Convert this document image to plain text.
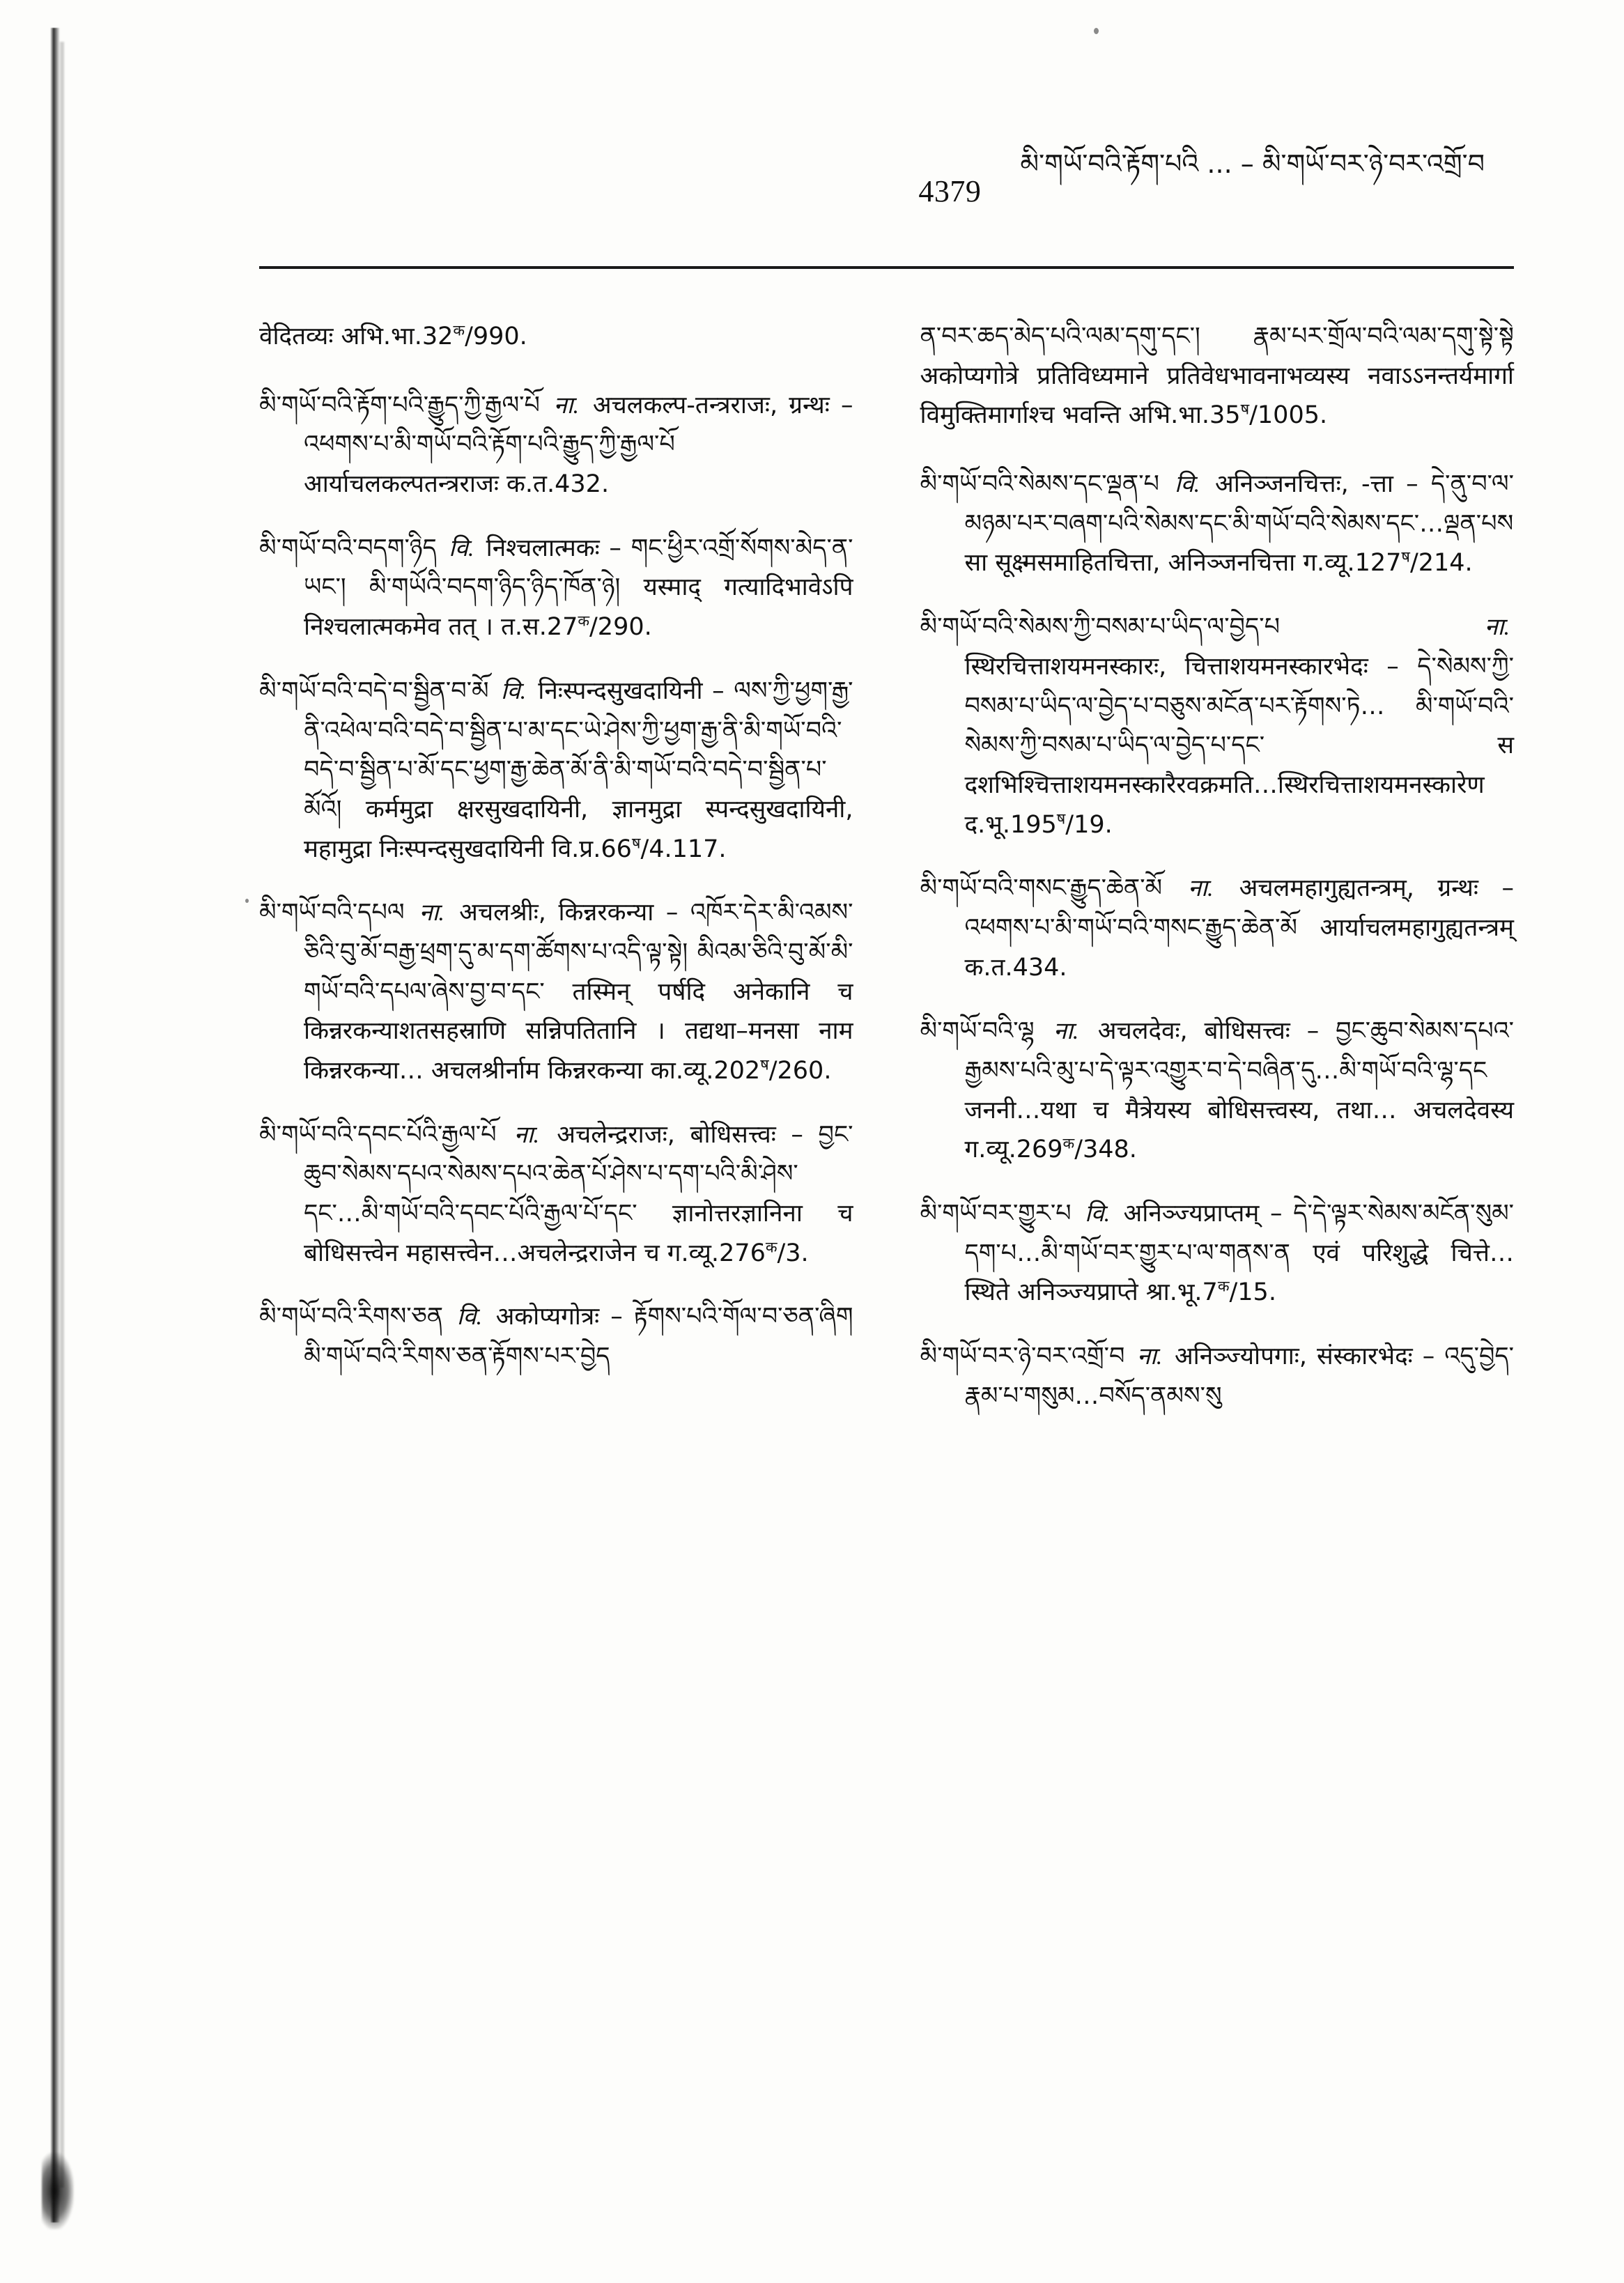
4379
མི་གཡོ་བའི་རྟོག་པའི ... – མི་གཡོ་བར་ཉེ་བར་འགྲོ་བ

वेदितव्यः $अभि.भा.32^क/990$.

མི་གཡོ་བའི་རྟོག་པའི་རྒྱུད་ཀྱི་རྒྱལ་པོ ना. अचलकल्प-तन्त्रराजः, ग्रन्थः – འཕགས་པ་མི་གཡོ་བའི་རྟོག་པའི་རྒྱུད་ཀྱི་རྒྱལ་པོ आर्याचलकल्पतन्त्रराजः क.त.432.

མི་གཡོ་བའི་བདག་ཉིད वि. निश्चलात्मकः – གང་ཕྱིར་འགྲོ་སོགས་མེད་ན་ཡང་། མི་གཡོའི་བདག་ཉིད་ཉིད་ཁོན་ཉེ། यस्माद् गत्यादिभावेऽपि निश्चलात्मकमेव तत् । $त.स.27^क/290$.

མི་གཡོ་བའི་བདེ་བ་སྦྱིན་བ་མོ वि. निःस्पन्दसुखदायिनी – ལས་ཀྱི་ཕྱག་རྒྱ་ནི་འཕེལ་བའི་བདེ་བ་སྦྱིན་པ་མ་དང་ཡེ་ཤེས་ཀྱི་ཕྱག་རྒྱ་ནི་མི་གཡོ་བའི་བདེ་བ་སྦྱིན་པ་མོ་དང་ཕྱག་རྒྱ་ཆེན་མོ་ནི་མི་གཡོ་བའི་བདེ་བ་སྦྱིན་པ་མོའོ། कर्ममुद्रा क्षरसुखदायिनी, ज्ञानमुद्रा स्पन्दसुखदायिनी, महामुद्रा निःस्पन्दसुखदायिनी $वि.प्र.66^ष/4.117$.

མི་གཡོ་བའི་དཔལ ना. अचलश्रीः, किन्नरकन्या – འཁོར་དེར་མི་འམས་ཅིའི་བུ་མོ་བརྒྱ་ཕྲག་དུ་མ་དག་ཚོགས་པ་འདི་ལྟ་སྟེ། མིའམ་ཅིའི་བུ་མོ་མི་གཡོ་བའི་དཔལ་ཞེས་བྱ་བ་དང་ तस्मिन् पर्षदि अनेकानि च किन्नरकन्याशतसहस्राणि सन्निपतितानि । तद्यथा–मनसा नाम किन्नरकन्या… अचलश्रीर्नाम किन्नरकन्या $का.व्यू.202^ष/260$.

མི་གཡོ་བའི་དབང་པོའི་རྒྱལ་པོ ना. अचलेन्द्रराजः, बोधिसत्त्वः – བྱང་ཆུབ་སེམས་དཔའ་སེམས་དཔའ་ཆེན་པོ་ཤེས་པ་དག་པའི་མི་ཤེས་དང་…མི་གཡོ་བའི་དབང་པོའི་རྒྱལ་པོ་དང་ ज्ञानोत्तरज्ञानिना च बोधिसत्त्वेन महासत्त्वेन…अचलेन्द्रराजेन च $ग.व्यू.276^क/3$.

མི་གཡོ་བའི་རིགས་ཅན वि. अकोप्यगोत्रः – རྟོགས་པའི་གོལ་བ་ཅན་ཞིག མི་གཡོ་བའི་རིགས་ཅན་རྟོགས་པར་བྱེད

ན་བར་ཆད་མེད་པའི་ལམ་དགུ་དང་། རྣམ་པར་གྲོལ་བའི་ལམ་དགུ་སྟེ་སྟེ अकोप्यगोत्रे प्रतिविध्यमाने प्रतिवेधभावनाभव्यस्य नवाऽऽनन्तर्यमार्गा विमुक्तिमार्गाश्च भवन्ति $अभि.भा.35^ष/1005$.

མི་གཡོ་བའི་སེམས་དང་ལྡན་པ वि. अनिञ्जनचित्तः, -त्ता – དེ་ནུ་བ་ལ་མཉམ་པར་བཞག་པའི་སེམས་དང་མི་གཡོ་བའི་སེམས་དང་…ལྡན་པས सा सूक्ष्मसमाहितचित्ता, अनिञ्जनचित्ता $ग.व्यू.127^ष/214$.

མི་གཡོ་བའི་སེམས་ཀྱི་བསམ་པ་ཡིད་ལ་བྱེད་པ	ना. स्थिरचित्ताशयमनस्कारः, चित्ताशयमनस्कारभेदः – དེ་སེམས་ཀྱི་བསམ་པ་ཡིད་ལ་བྱེད་པ་བཅུས་མངོན་པར་རྟོགས་ཏེ… མི་གཡོ་བའི་སེམས་ཀྱི་བསམ་པ་ཡིད་ལ་བྱེད་པ་དང་ स दशभिश्चित्ताशयमनस्कारैरवक्रमति…स्थिरचित्ताशयमनस्कारेण $द.भू.195^ष/19$.

མི་གཡོ་བའི་གསང་རྒྱུད་ཆེན་མོ ना. अचलमहागुह्यतन्त्रम्, ग्रन्थः – འཕགས་པ་མི་གཡོ་བའི་གསང་རྒྱུད་ཆེན་མོ आर्याचलमहागुह्यतन्त्रम् क.त.434.

མི་གཡོ་བའི་ལྷ ना. अचलदेवः, बोधिसत्त्वः – བྱང་ཆུབ་སེམས་དཔའ་རྒྱམས་པའི་མུ་པ་དེ་ལྟར་འགྱུར་བ་དེ་བཞིན་དུ…མི་གཡོ་བའི་ལྷ་དང जननी…यथा च मैत्रेयस्य बोधिसत्त्वस्य, तथा… अचलदेवस्य $ग.व्यू.269^क/348$.

མི་གཡོ་བར་གྱུར་པ वि. अनिञ्ज्यप्राप्तम् – དེ་དེ་ལྟར་སེམས་མངོན་སུམ་དག་པ…མི་གཡོ་བར་གྱུར་པ་ལ་གནས་ན एवं परिशुद्धे चित्ते…स्थिते अनिञ्ज्यप्राप्ते $श्रा.भू.7^क/15$.

མི་གཡོ་བར་ཉེ་བར་འགྲོ་བ ना. अनिञ्ज्योपगाः, संस्कारभेदः – འདུ་བྱེད་རྣམ་པ་གསུམ…བསོད་ནམས་སུ
